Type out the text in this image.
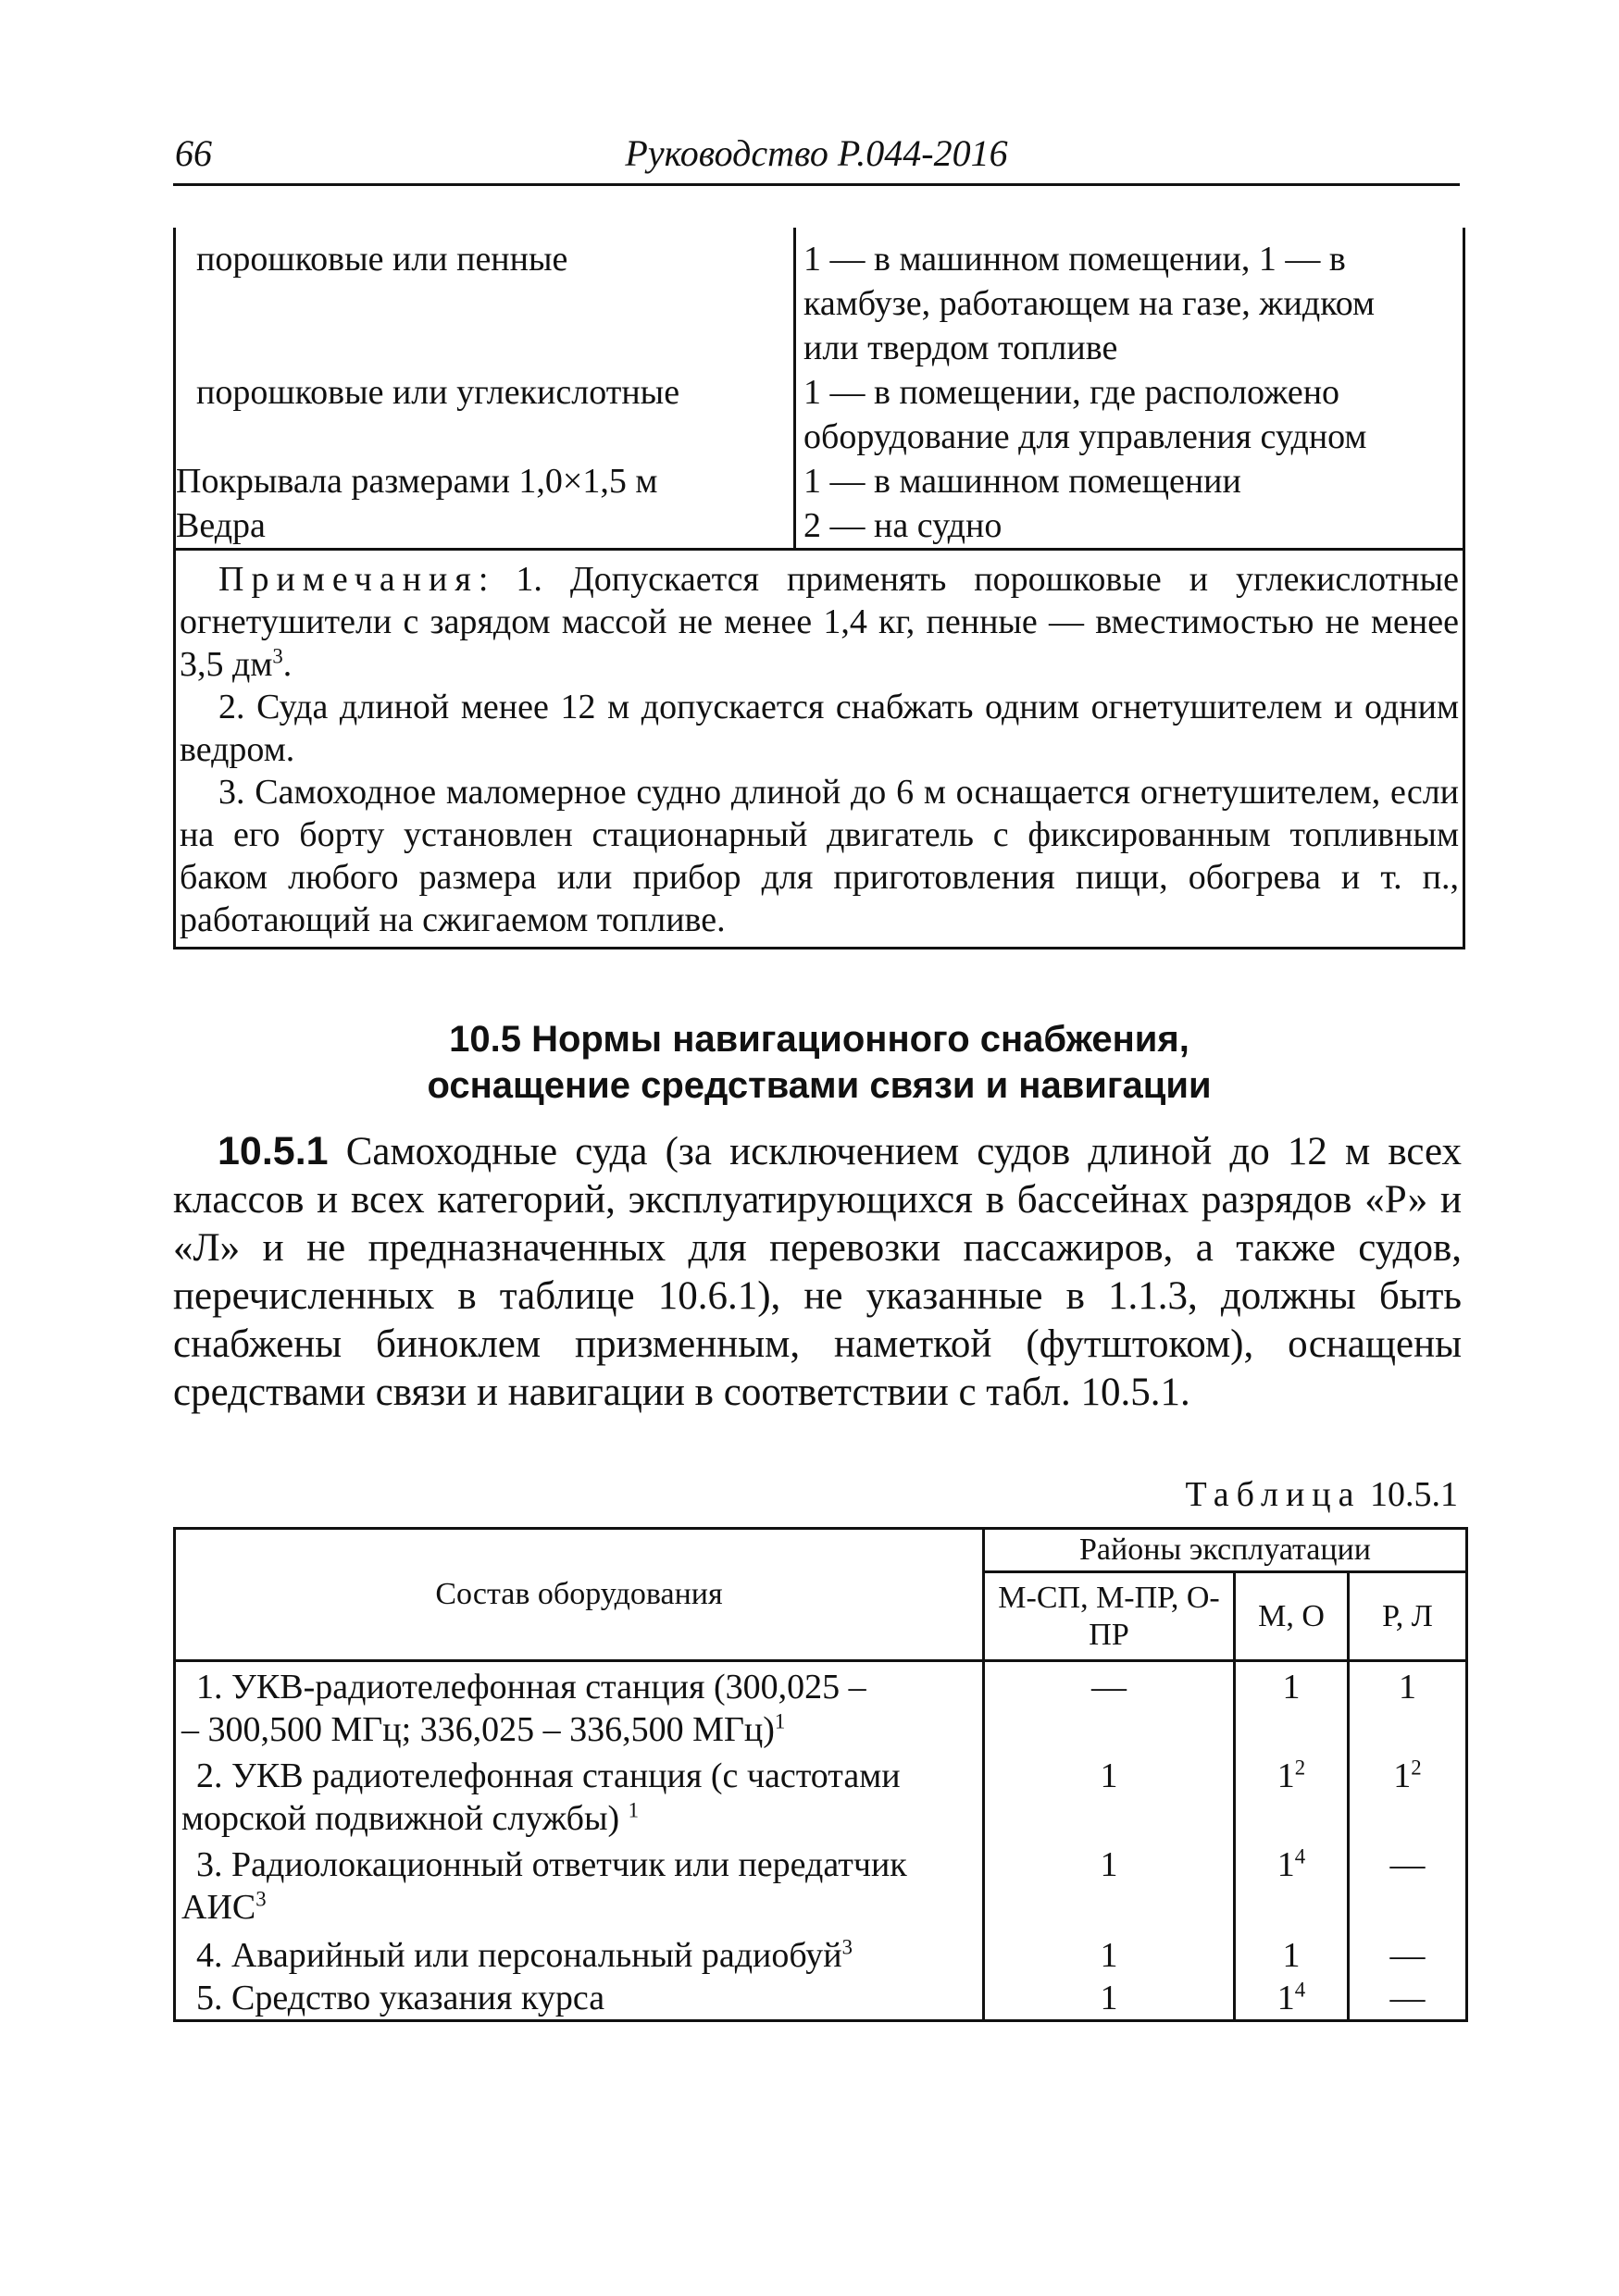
66	Руководство Р.044-2016
порошковые или пенные	1 — в машинном помещении, 1 — в
камбузе, работающем на газе, жидком
или твердом топливе

порошковые или углекислотные	1 — в помещении, где расположено
оборудование для управления судном

Покрывала размерами 1,0×1,5 м	1 — в машинном помещении

Ведра	2 — на судно

Примечания: 1. Допускается применять порошковые и углекислотные огнетушители с зарядом массой не менее 1,4 кг, пенные — вместимостью не менее 3,5 $дм^3$.

2. Суда длиной менее 12 м допускается снабжать одним огнетушителем и одним ведром.

3. Самоходное маломерное судно длиной до 6 м оснащается огнетушителем, если на его борту установлен стационарный двигатель с фиксированным топливным баком любого размера или прибор для приготовления пищи, обогрева и т. п., работающий на сжигаемом топливе.	

10.5 Нормы навигационного снабжения,
оснащение средствами связи и навигации

10.5.1 Самоходные суда (за исключением судов длиной до 12 м всех классов и всех категорий, эксплуатирующихся в бассейнах разрядов «Р» и «Л» и не предназначенных для перевозки пассажиров, а также судов, перечисленных в таблице 10.6.1), не указанные в 1.1.3, должны быть снабжены биноклем призменным, наметкой (футштоком), оснащены средствами связи и навигации в соответствии с табл. 10.5.1.

Таблица 10.5.1
Состав оборудования	Районы эксплуатации		
	М-СП, М-ПР, О-ПР	М, О	Р, Л
1. УКВ-радиотелефонная станция (300,025 –
– 300,500 МГц; 336,025 – 336,500 МГц)$^1$	—	1	1
2. УКВ радиотелефонная станция (с частотами
морской подвижной службы) $^1$	1	$1^2$	$1^2$
3. Радиолокационный ответчик или передатчик
АИС$^3$	1	$1^4$	—
4. Аварийный или персональный радиобуй$^3$	1	1	—
5. Средство указания курса	1	$1^4$	—
